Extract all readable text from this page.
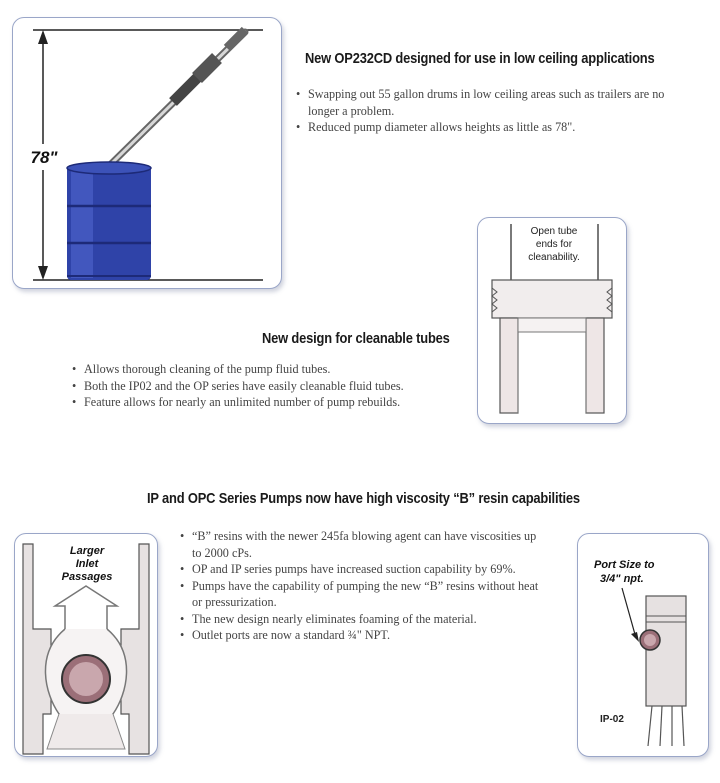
78"
New OP232CD designed for use in low ceiling applications
• Swapping out 55 gallon drums in low ceiling areas such as trailers are no longer a problem.
• Reduced pump diameter allows heights as little as 78".
Open tube
ends for
cleanability.
New design for cleanable tubes
• Allows thorough cleaning of the pump fluid tubes.
• Both the IP02 and the OP series have easily cleanable fluid tubes.
• Feature allows for nearly an unlimited number of pump rebuilds.
IP and OPC Series Pumps now have high viscosity “B” resin capabilities
Larger
Inlet
Passages
• “B” resins with the newer 245fa blowing agent can have viscosities up to 2000 cPs.
• OP and IP series pumps have increased suction capability by 69%.
• Pumps have the capability of pumping the new “B” resins without heat or pressurization.
• The new design nearly eliminates foaming of the material.
• Outlet ports are now a standard ¾" NPT.
Port Size to
3/4" npt.
IP-02
